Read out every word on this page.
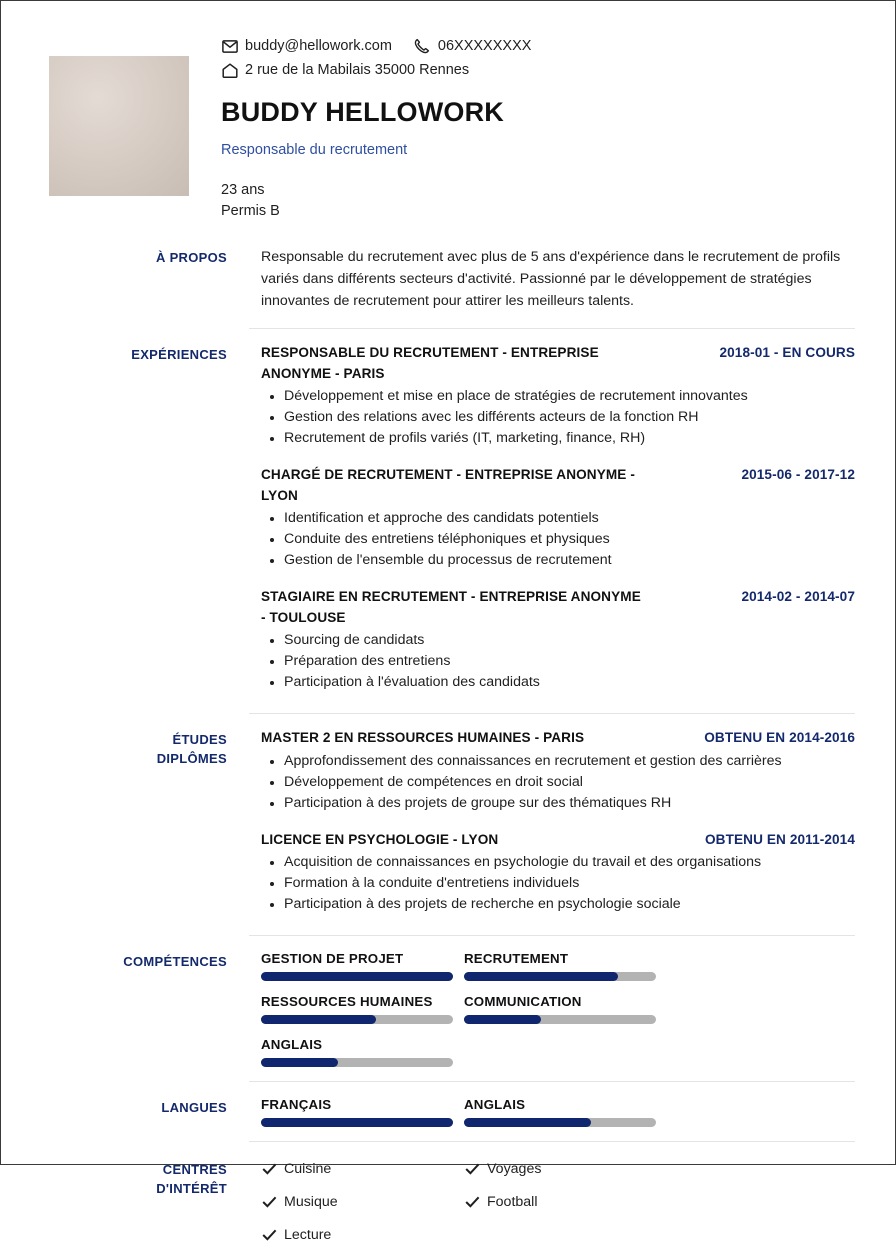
buddy@hellowork.com	06XXXXXXXX
2 rue de la Mabilais 35000 Rennes
BUDDY HELLOWORK
Responsable du recrutement
23 ans
Permis B
À PROPOS	Responsable du recrutement avec plus de 5 ans d'expérience dans le recrutement de profils variés dans différents secteurs d'activité. Passionné par le développement de stratégies innovantes de recrutement pour attirer les meilleurs talents.
EXPÉRIENCES	RESPONSABLE DU RECRUTEMENT - ENTREPRISE ANONYME - PARIS
2018-01 - EN COURS
Développement et mise en place de stratégies de recrutement innovantes
Gestion des relations avec les différents acteurs de la fonction RH
Recrutement de profils variés (IT, marketing, finance, RH)
CHARGÉ DE RECRUTEMENT - ENTREPRISE ANONYME - LYON
2015-06 - 2017-12
Identification et approche des candidats potentiels
Conduite des entretiens téléphoniques et physiques
Gestion de l'ensemble du processus de recrutement
STAGIAIRE EN RECRUTEMENT - ENTREPRISE ANONYME - TOULOUSE
2014-02 - 2014-07
Sourcing de candidats
Préparation des entretiens
Participation à l'évaluation des candidats
ÉTUDES
DIPLÔMES
MASTER 2 EN RESSOURCES HUMAINES - PARIS	OBTENU EN 2014-2016
Approfondissement des connaissances en recrutement et gestion des carrières
Développement de compétences en droit social
Participation à des projets de groupe sur des thématiques RH
LICENCE EN PSYCHOLOGIE - LYON	OBTENU EN 2011-2014
Acquisition de connaissances en psychologie du travail et des organisations
Formation à la conduite d'entretiens individuels
Participation à des projets de recherche en psychologie sociale
COMPÉTENCES	GESTION DE PROJET	RECRUTEMENT
RESSOURCES HUMAINES	COMMUNICATION
ANGLAIS
LANGUES	FRANÇAIS	ANGLAIS
CENTRES
D'INTÉRÊT
Cuisine	Voyages
Musique	Football
Lecture
